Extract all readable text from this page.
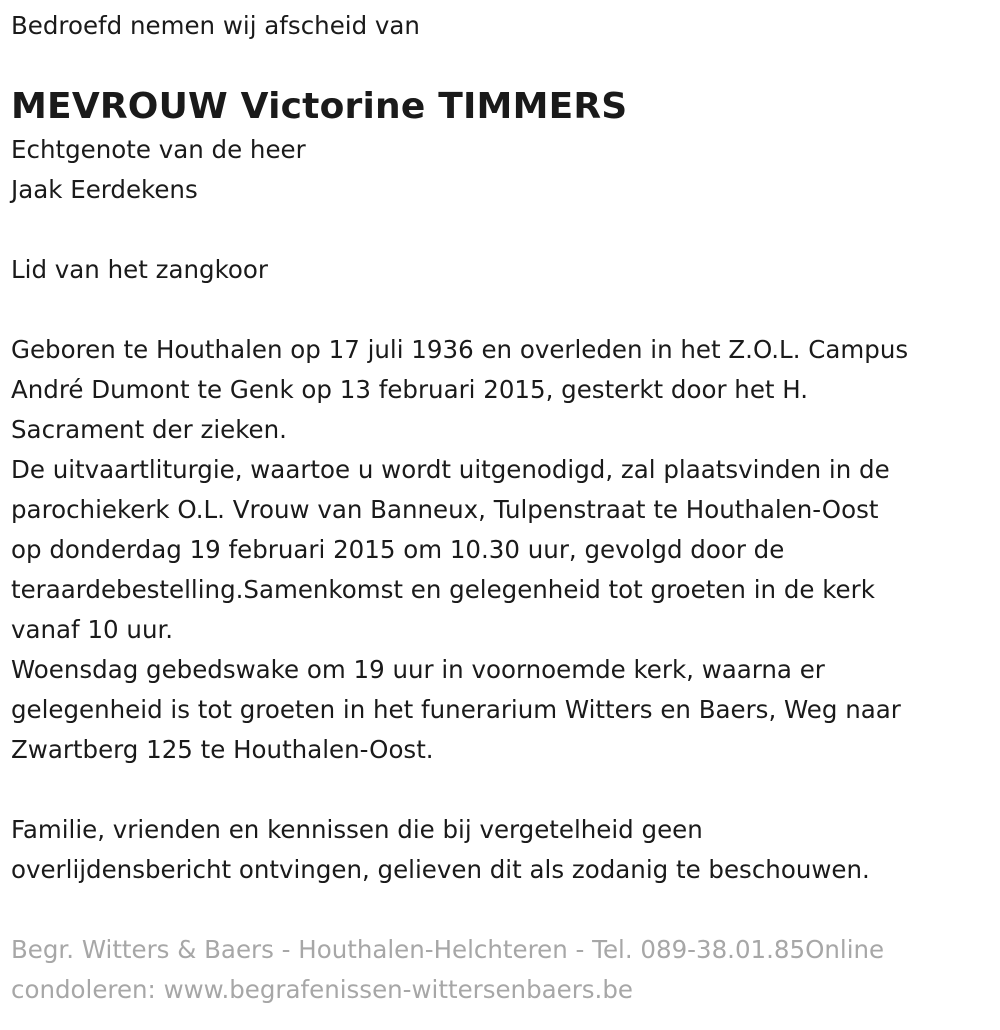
Bedroefd nemen wij afscheid van

MEVROUW Victorine TIMMERS

Echtgenote van de heer

Jaak Eerdekens

Lid van het zangkoor

Geboren te Houthalen op 17 juli 1936 en overleden in het Z.O.L. Campus

André Dumont te Genk op 13 februari 2015, gesterkt door het H.

Sacrament der zieken.

De uitvaartliturgie, waartoe u wordt uitgenodigd, zal plaatsvinden in de

parochiekerk O.L. Vrouw van Banneux, Tulpenstraat te Houthalen-Oost

op donderdag 19 februari 2015 om 10.30 uur, gevolgd door de

teraardebestelling.Samenkomst en gelegenheid tot groeten in de kerk

vanaf 10 uur.

Woensdag gebedswake om 19 uur in voornoemde kerk, waarna er

gelegenheid is tot groeten in het funerarium Witters en Baers, Weg naar

Zwartberg 125 te Houthalen-Oost.

Familie, vrienden en kennissen die bij vergetelheid geen

overlijdensbericht ontvingen, gelieven dit als zodanig te beschouwen.

Begr. Witters & Baers - Houthalen-Helchteren - Tel. 089-38.01.85Online

condoleren: www.begrafenissen-wittersenbaers.be
